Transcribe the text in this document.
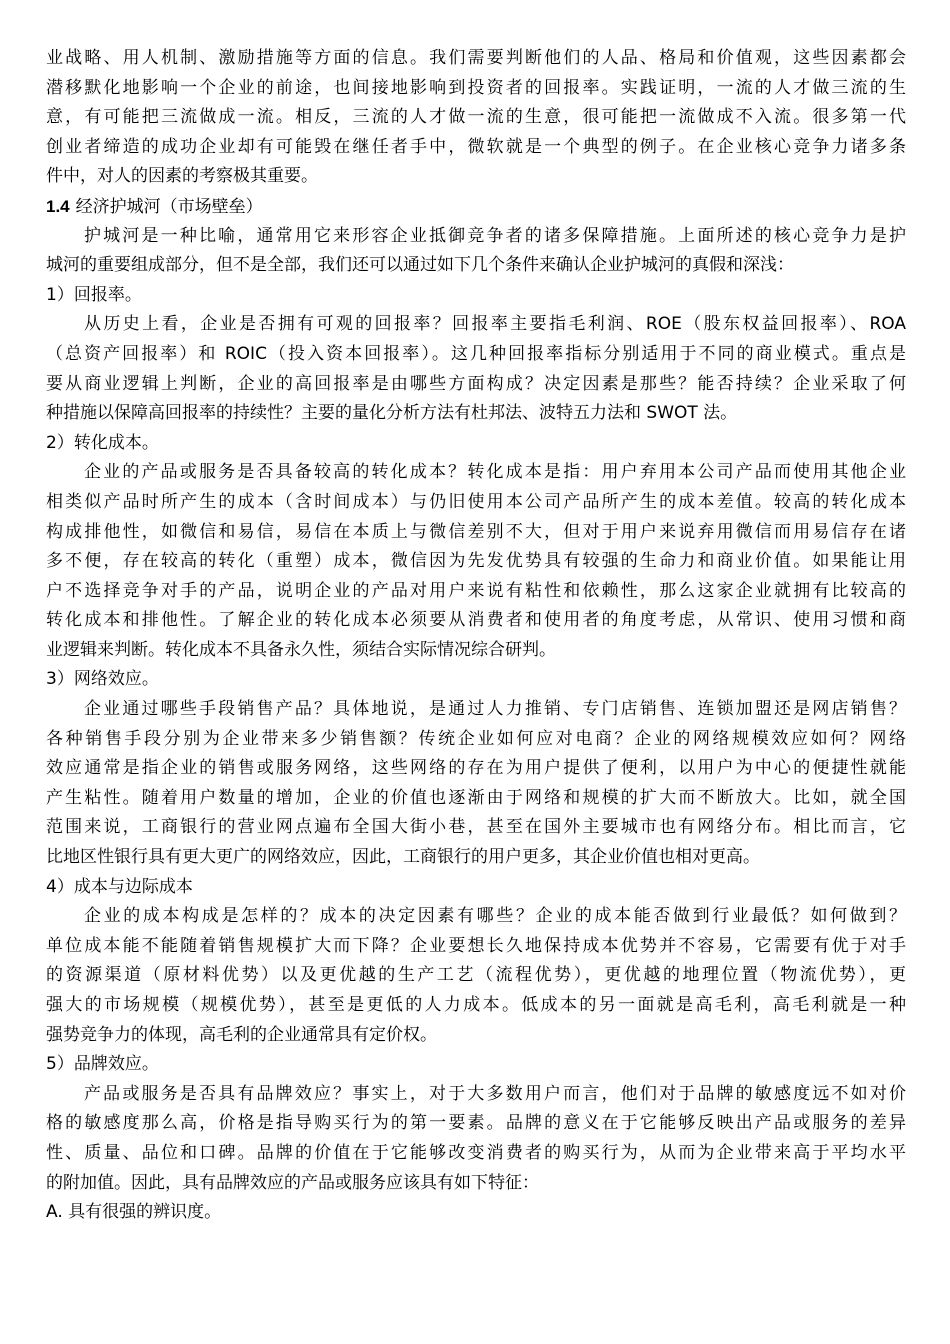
业战略、用人机制、激励措施等方面的信息。我们需要判断他们的人品、格局和价值观，这些因素都会
潜移默化地影响一个企业的前途，也间接地影响到投资者的回报率。实践证明，一流的人才做三流的生
意，有可能把三流做成一流。相反，三流的人才做一流的生意，很可能把一流做成不入流。很多第一代
创业者缔造的成功企业却有可能毁在继任者手中，微软就是一个典型的例子。在企业核心竞争力诸多条
件中，对人的因素的考察极其重要。
1.4 经济护城河（市场壁垒）
护城河是一种比喻，通常用它来形容企业抵御竞争者的诸多保障措施。上面所述的核心竞争力是护
城河的重要组成部分，但不是全部，我们还可以通过如下几个条件来确认企业护城河的真假和深浅：
1）回报率。
从历史上看，企业是否拥有可观的回报率？回报率主要指毛利润、ROE（股东权益回报率）、ROA
（总资产回报率）和 ROIC（投入资本回报率）。这几种回报率指标分别适用于不同的商业模式。重点是
要从商业逻辑上判断，企业的高回报率是由哪些方面构成？决定因素是那些？能否持续？企业采取了何
种措施以保障高回报率的持续性？主要的量化分析方法有杜邦法、波特五力法和 SWOT 法。
2）转化成本。
企业的产品或服务是否具备较高的转化成本？转化成本是指：用户弃用本公司产品而使用其他企业
相类似产品时所产生的成本（含时间成本）与仍旧使用本公司产品所产生的成本差值。较高的转化成本
构成排他性，如微信和易信，易信在本质上与微信差别不大，但对于用户来说弃用微信而用易信存在诸
多不便，存在较高的转化（重塑）成本，微信因为先发优势具有较强的生命力和商业价值。如果能让用
户不选择竞争对手的产品，说明企业的产品对用户来说有粘性和依赖性，那么这家企业就拥有比较高的
转化成本和排他性。了解企业的转化成本必须要从消费者和使用者的角度考虑，从常识、使用习惯和商
业逻辑来判断。转化成本不具备永久性，须结合实际情况综合研判。
3）网络效应。
企业通过哪些手段销售产品？具体地说，是通过人力推销、专门店销售、连锁加盟还是网店销售？
各种销售手段分别为企业带来多少销售额？传统企业如何应对电商？企业的网络规模效应如何？网络
效应通常是指企业的销售或服务网络，这些网络的存在为用户提供了便利，以用户为中心的便捷性就能
产生粘性。随着用户数量的增加，企业的价值也逐渐由于网络和规模的扩大而不断放大。比如，就全国
范围来说，工商银行的营业网点遍布全国大街小巷，甚至在国外主要城市也有网络分布。相比而言，它
比地区性银行具有更大更广的网络效应，因此，工商银行的用户更多，其企业价值也相对更高。
4）成本与边际成本
企业的成本构成是怎样的？成本的决定因素有哪些？企业的成本能否做到行业最低？如何做到？
单位成本能不能随着销售规模扩大而下降？企业要想长久地保持成本优势并不容易，它需要有优于对手
的资源渠道（原材料优势）以及更优越的生产工艺（流程优势），更优越的地理位置（物流优势），更
强大的市场规模（规模优势），甚至是更低的人力成本。低成本的另一面就是高毛利，高毛利就是一种
强势竞争力的体现，高毛利的企业通常具有定价权。
5）品牌效应。
产品或服务是否具有品牌效应？事实上，对于大多数用户而言，他们对于品牌的敏感度远不如对价
格的敏感度那么高，价格是指导购买行为的第一要素。品牌的意义在于它能够反映出产品或服务的差异
性、质量、品位和口碑。品牌的价值在于它能够改变消费者的购买行为，从而为企业带来高于平均水平
的附加值。因此，具有品牌效应的产品或服务应该具有如下特征：
A. 具有很强的辨识度。
